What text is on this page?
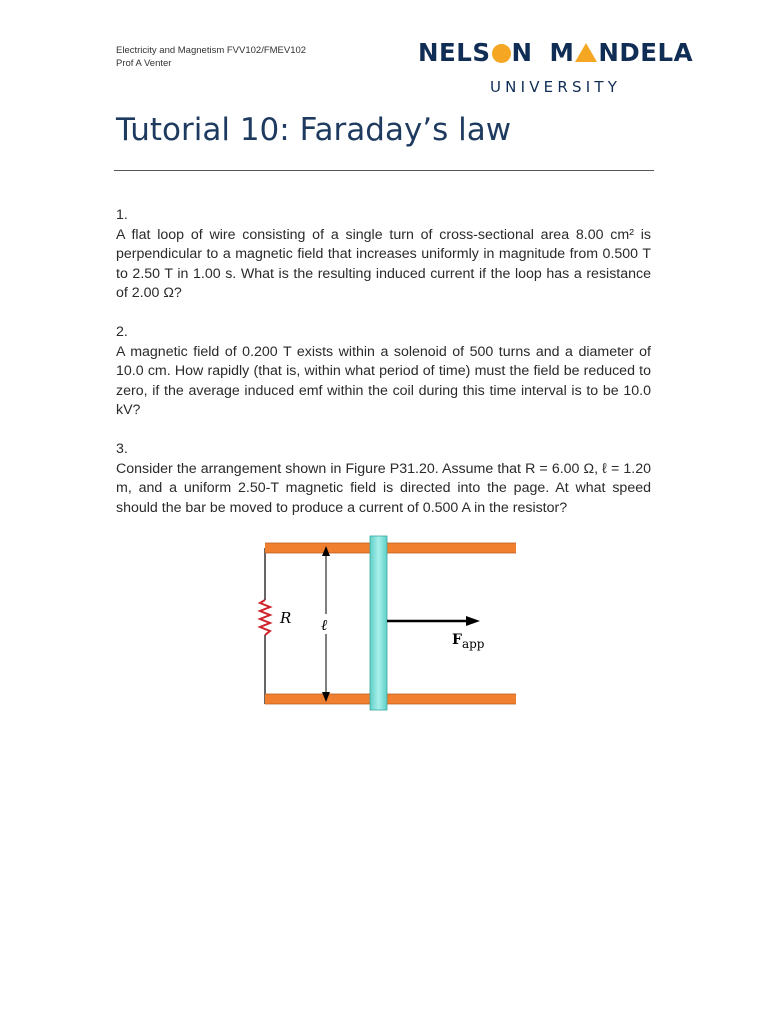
Electricity and Magnetism FVV102/FMEV102
Prof A Venter	NELS N M NDELA
UNIVERSITY
Tutorial 10: Faraday’s law
1.
A flat loop of wire consisting of a single turn of cross-sectional area 8.00 cm² is perpendicular to a magnetic field that increases uniformly in magnitude from 0.500 T to 2.50 T in 1.00 s. What is the resulting induced current if the loop has a resistance of 2.00 Ω?
2.
A magnetic field of 0.200 T exists within a solenoid of 500 turns and a diameter of 10.0 cm. How rapidly (that is, within what period of time) must the field be reduced to zero, if the average induced emf within the coil during this time interval is to be 10.0 kV?
3.
Consider the arrangement shown in Figure P31.20. Assume that R = 6.00 Ω, ℓ = 1.20 m, and a uniform 2.50-T magnetic field is directed into the page. At what speed should the bar be moved to produce a current of 0.500 A in the resistor?
R ℓ
Fapp
